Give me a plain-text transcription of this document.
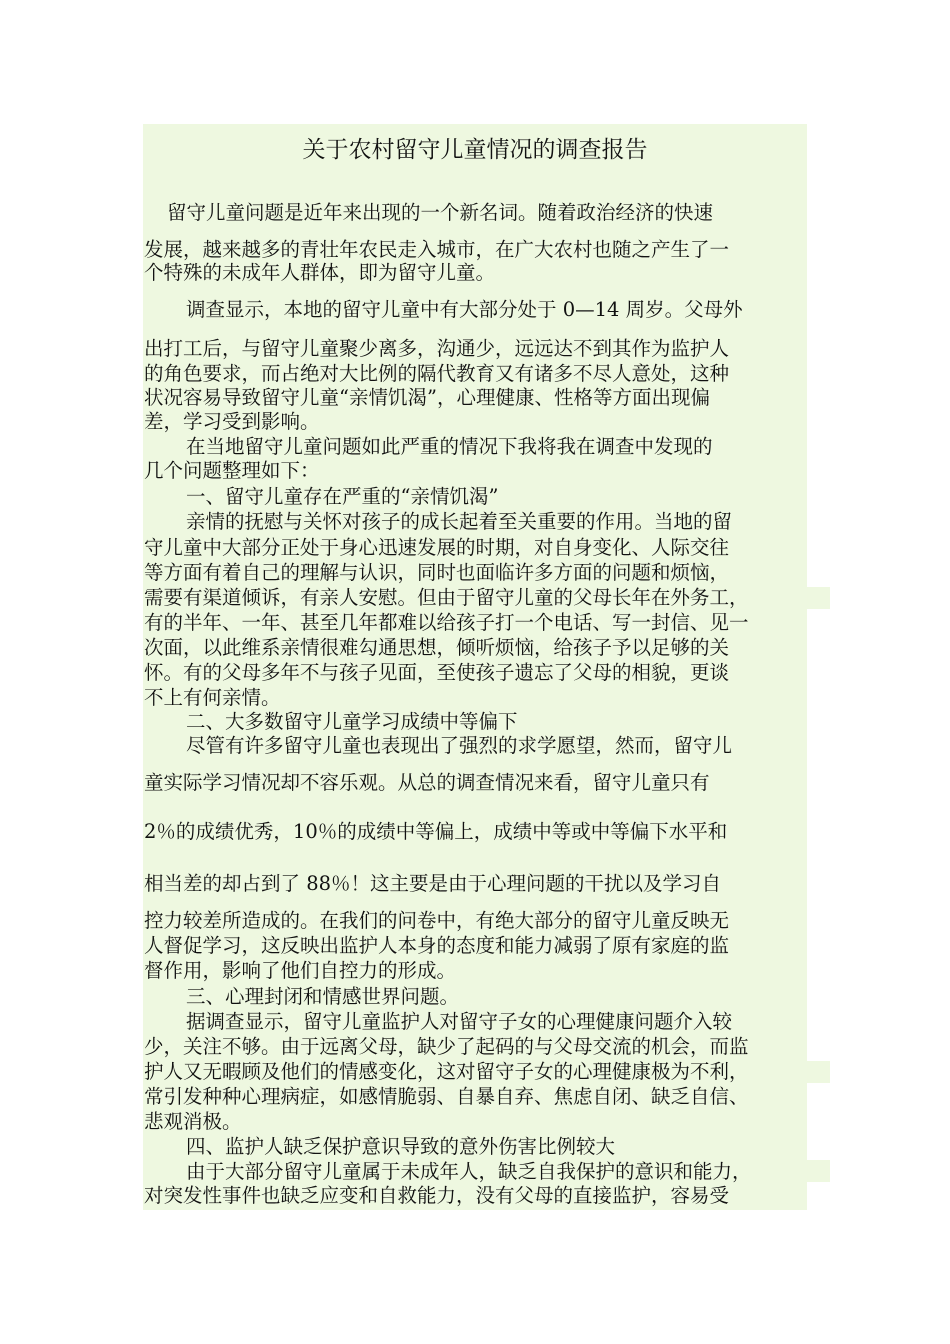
关于农村留守儿童情况的调查报告
留守儿童问题是近年来出现的一个新名词。随着政治经济的快速
发展，越来越多的青壮年农民走入城市，在广大农村也随之产生了一
个特殊的未成年人群体，即为留守儿童。
调查显示，本地的留守儿童中有大部分处于 0—14 周岁。父母外
出打工后，与留守儿童聚少离多，沟通少，远远达不到其作为监护人
的角色要求，而占绝对大比例的隔代教育又有诸多不尽人意处，这种
状况容易导致留守儿童“亲情饥渴”，心理健康、性格等方面出现偏
差，学习受到影响。
在当地留守儿童问题如此严重的情况下我将我在调查中发现的
几个问题整理如下：
一、留守儿童存在严重的“亲情饥渴”
亲情的抚慰与关怀对孩子的成长起着至关重要的作用。当地的留
守儿童中大部分正处于身心迅速发展的时期，对自身变化、人际交往
等方面有着自己的理解与认识，同时也面临许多方面的问题和烦恼，
需要有渠道倾诉，有亲人安慰。但由于留守儿童的父母长年在外务工，
有的半年、一年、甚至几年都难以给孩子打一个电话、写一封信、见一
次面，以此维系亲情很难勾通思想，倾听烦恼，给孩子予以足够的关
怀。有的父母多年不与孩子见面，至使孩子遗忘了父母的相貌，更谈
不上有何亲情。
二、大多数留守儿童学习成绩中等偏下
尽管有许多留守儿童也表现出了强烈的求学愿望，然而，留守儿
童实际学习情况却不容乐观。从总的调查情况来看，留守儿童只有
2％的成绩优秀，10％的成绩中等偏上，成绩中等或中等偏下水平和
相当差的却占到了 88％！这主要是由于心理问题的干扰以及学习自
控力较差所造成的。在我们的问卷中，有绝大部分的留守儿童反映无
人督促学习，这反映出监护人本身的态度和能力减弱了原有家庭的监
督作用，影响了他们自控力的形成。
三、心理封闭和情感世界问题。
据调查显示，留守儿童监护人对留守子女的心理健康问题介入较
少，关注不够。由于远离父母，缺少了起码的与父母交流的机会，而监
护人又无暇顾及他们的情感变化，这对留守子女的心理健康极为不利，
常引发种种心理病症，如感情脆弱、自暴自弃、焦虑自闭、缺乏自信、
悲观消极。
四、监护人缺乏保护意识导致的意外伤害比例较大
由于大部分留守儿童属于未成年人，缺乏自我保护的意识和能力，
对突发性事件也缺乏应变和自救能力，没有父母的直接监护，容易受
